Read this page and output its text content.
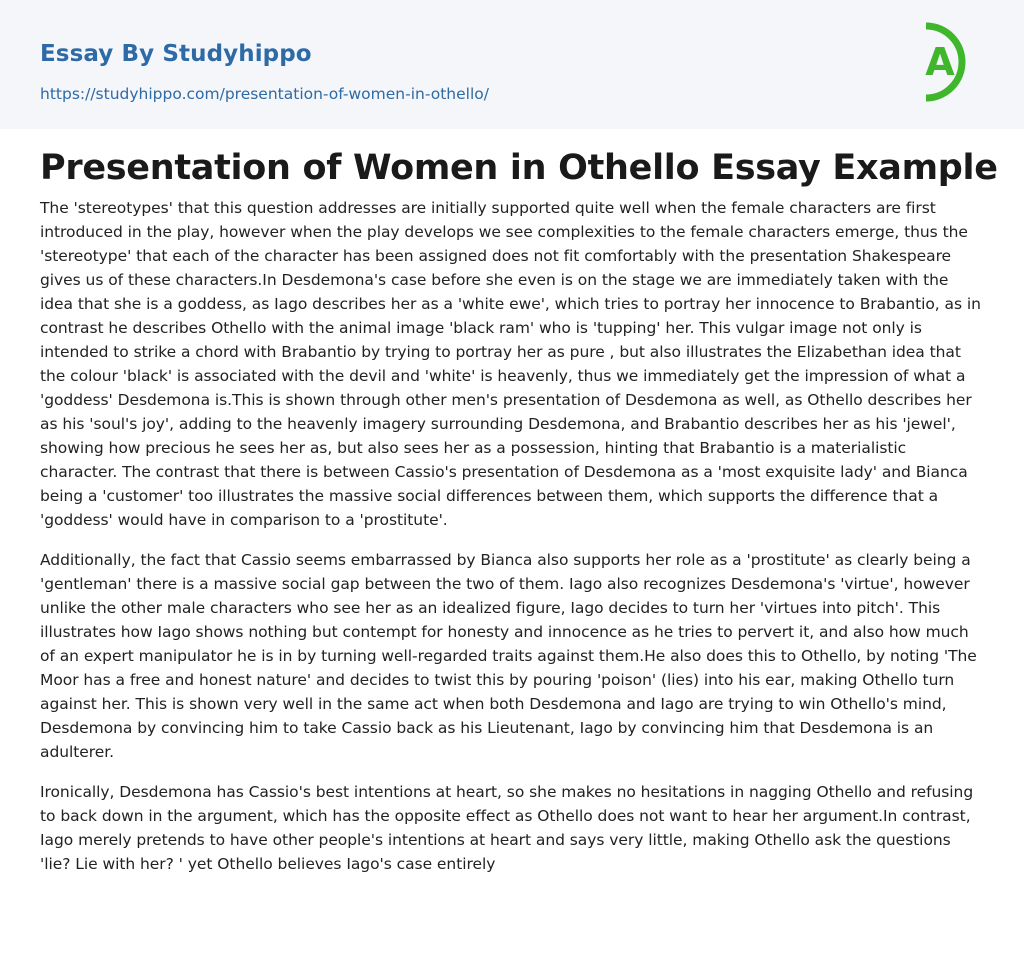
Essay By Studyhippo
https://studyhippo.com/presentation-of-women-in-othello/
A
Presentation of Women in Othello Essay Example

The 'stereotypes' that this question addresses are initially supported quite well when the female characters are first introduced in the play, however when the play develops we see complexities to the female characters emerge, thus the 'stereotype' that each of the character has been assigned does not fit comfortably with the presentation Shakespeare gives us of these characters.In Desdemona's case before she even is on the stage we are immediately taken with the idea that she is a goddess, as Iago describes her as a 'white ewe', which tries to portray her innocence to Brabantio, as in contrast he describes Othello with the animal image 'black ram' who is 'tupping' her. This vulgar image not only is intended to strike a chord with Brabantio by trying to portray her as pure , but also illustrates the Elizabethan idea that the colour 'black' is associated with the devil and 'white' is heavenly, thus we immediately get the impression of what a 'goddess' Desdemona is.This is shown through other men's presentation of Desdemona as well, as Othello describes her as his 'soul's joy', adding to the heavenly imagery surrounding Desdemona, and Brabantio describes her as his 'jewel', showing how precious he sees her as, but also sees her as a possession, hinting that Brabantio is a materialistic character. The contrast that there is between Cassio's presentation of Desdemona as a 'most exquisite lady' and Bianca being a 'customer' too illustrates the massive social differences between them, which supports the difference that a 'goddess' would have in comparison to a 'prostitute'.

Additionally, the fact that Cassio seems embarrassed by Bianca also supports her role as a 'prostitute' as clearly being a 'gentleman' there is a massive social gap between the two of them. Iago also recognizes Desdemona's 'virtue', however unlike the other male characters who see her as an idealized figure, Iago decides to turn her 'virtues into pitch'. This illustrates how Iago shows nothing but contempt for honesty and innocence as he tries to pervert it, and also how much of an expert manipulator he is in by turning well-regarded traits against them.He also does this to Othello, by noting 'The Moor has a free and honest nature' and decides to twist this by pouring 'poison' (lies) into his ear, making Othello turn against her. This is shown very well in the same act when both Desdemona and Iago are trying to win Othello's mind, Desdemona by convincing him to take Cassio back as his Lieutenant, Iago by convincing him that Desdemona is an adulterer.

Ironically, Desdemona has Cassio's best intentions at heart, so she makes no hesitations in nagging Othello and refusing to back down in the argument, which has the opposite effect as Othello does not want to hear her argument.In contrast, Iago merely pretends to have other people's intentions at heart and says very little, making Othello ask the questions 'lie? Lie with her? ' yet Othello believes Iago's case entirely
